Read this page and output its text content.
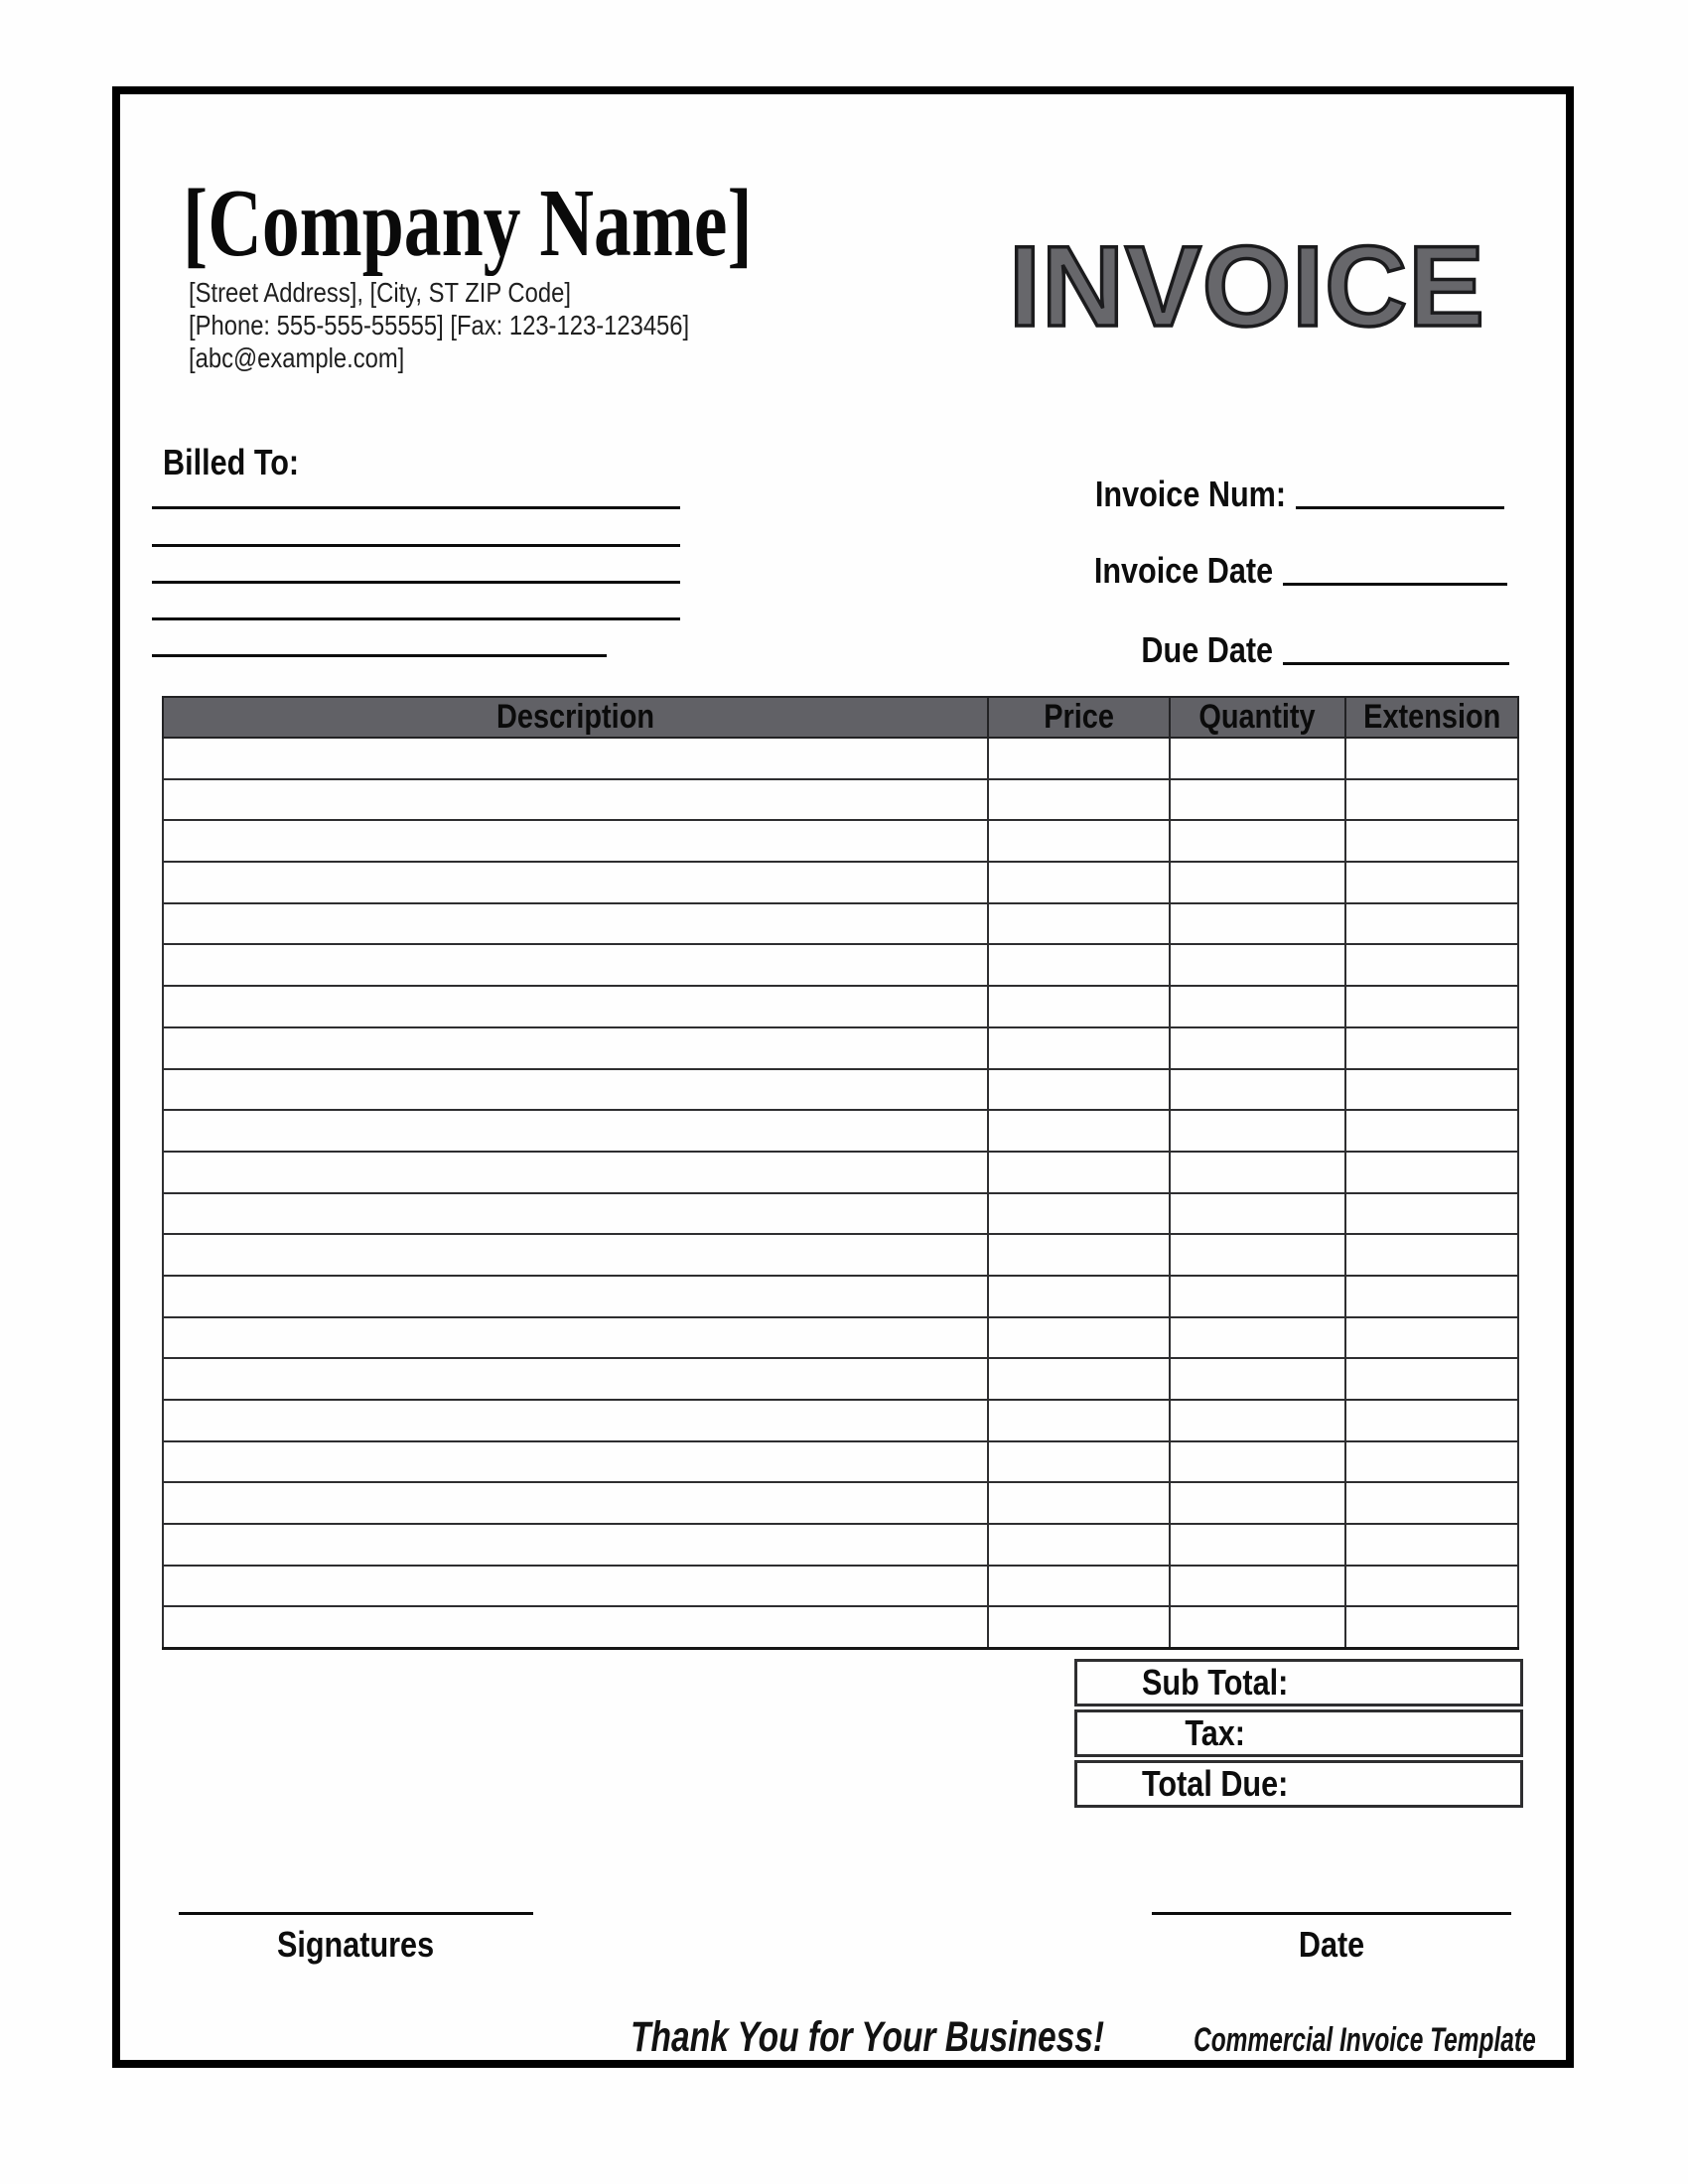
[Company Name]
[Street Address], [City, ST ZIP Code]
[Phone: 555-555-55555] [Fax: 123-123-123456]
[abc@example.com]
INVOICE
Billed To:
Invoice Num:
Invoice Date
Due Date
Description	Price	Quantity	Extension

Sub Total:
Tax:
Total Due:
Signatures	Date
Thank You for Your Business!	Commercial Invoice Template
